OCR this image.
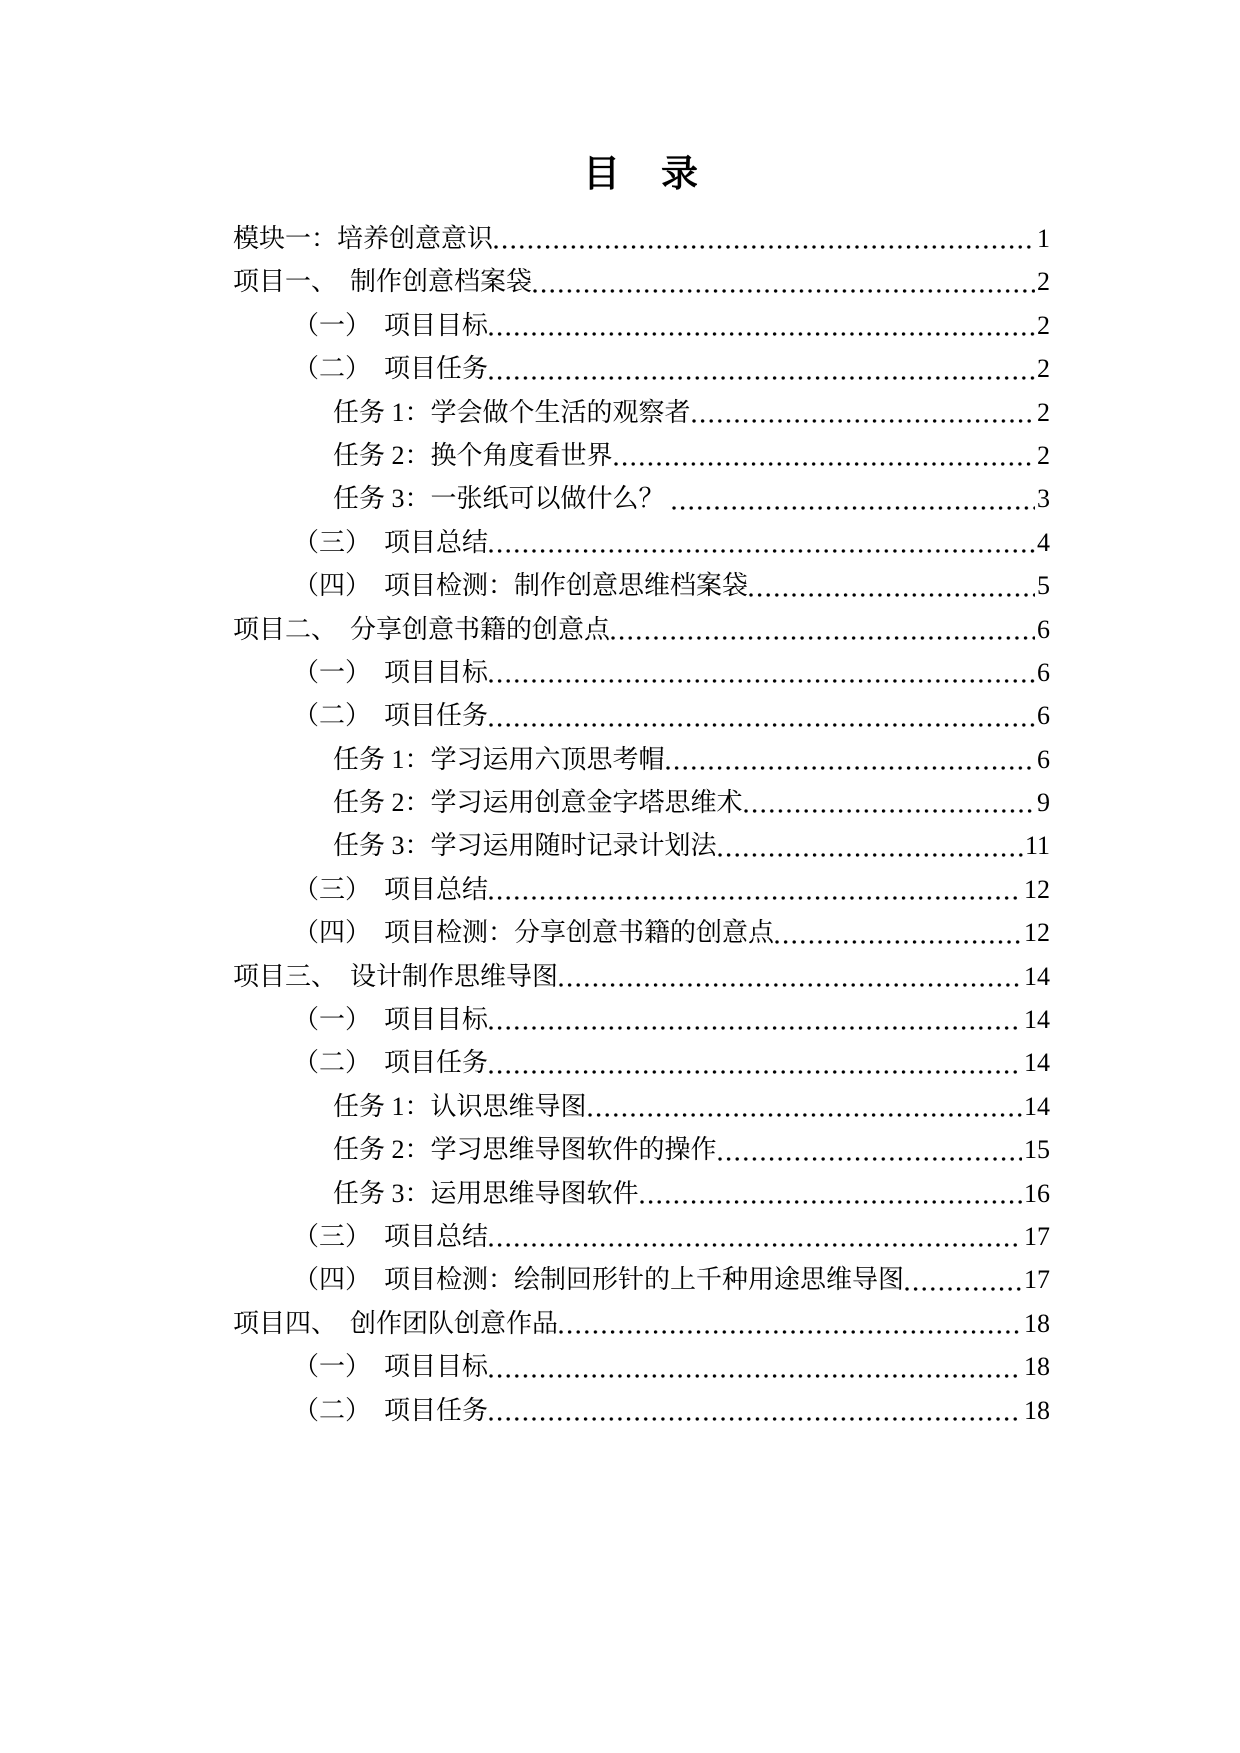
目　录
模块一：培养创意意识	1
项目一、　制作创意档案袋	2
（一）　项目目标	2
（二）　项目任务	2
任务 1：学会做个生活的观察者	2
任务 2：换个角度看世界	2
任务 3：一张纸可以做什么？	3
（三）　项目总结	4
（四）　项目检测：制作创意思维档案袋	5
项目二、　分享创意书籍的创意点	6
（一）　项目目标	6
（二）　项目任务	6
任务 1：学习运用六顶思考帽	6
任务 2：学习运用创意金字塔思维术	9
任务 3：学习运用随时记录计划法	11
（三）　项目总结	12
（四）　项目检测：分享创意书籍的创意点	12
项目三、　设计制作思维导图	14
（一）　项目目标	14
（二）　项目任务	14
任务 1：认识思维导图	14
任务 2：学习思维导图软件的操作	15
任务 3：运用思维导图软件	16
（三）　项目总结	17
（四）　项目检测：绘制回形针的上千种用途思维导图	17
项目四、　创作团队创意作品	18
（一）　项目目标	18
（二）　项目任务	18
